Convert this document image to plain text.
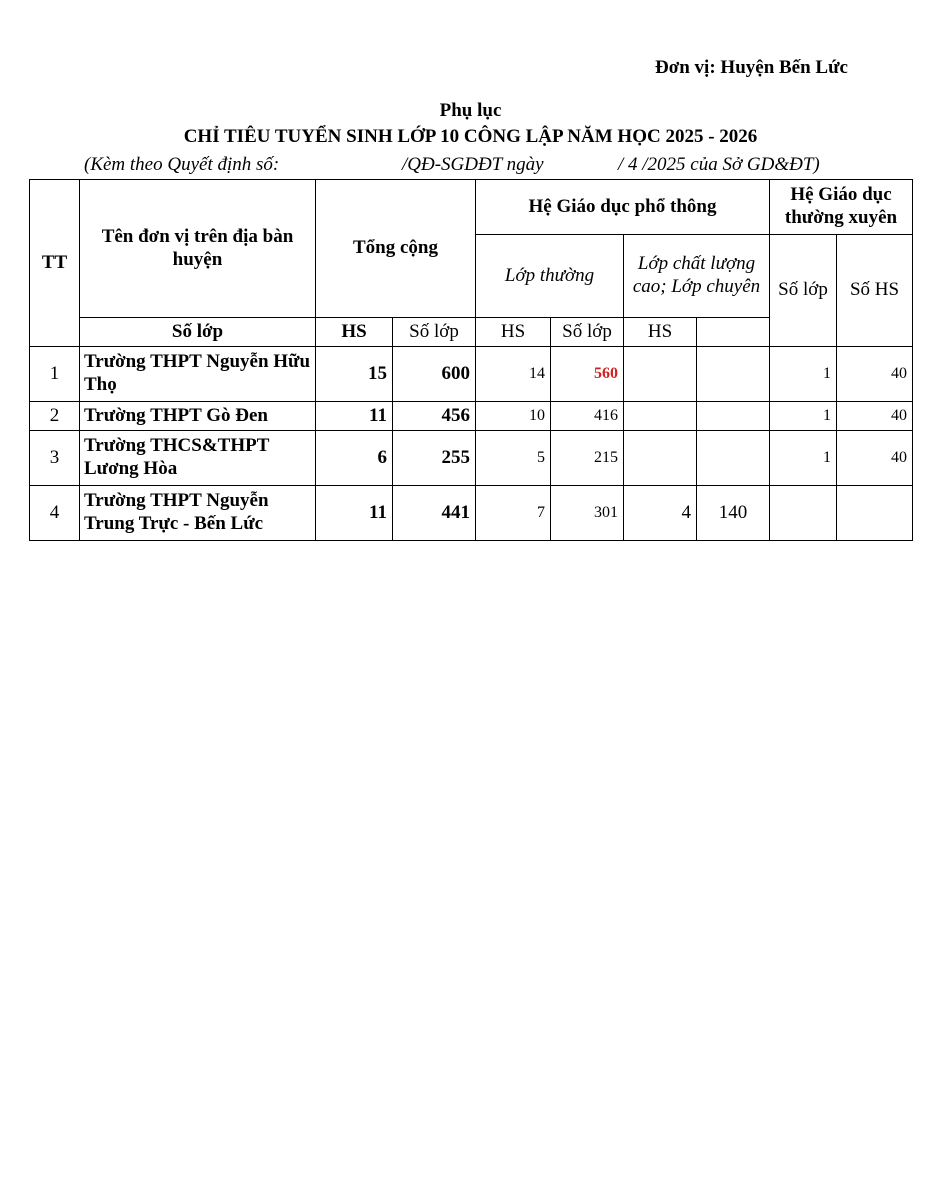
Đơn vị: Huyện Bến Lức
Phụ lục
CHỈ TIÊU TUYỂN SINH LỚP 10 CÔNG LẬP NĂM HỌC 2025 - 2026
(Kèm theo Quyết định số:	/QĐ-SGDĐT ngày	/ 4 /2025 của Sở GD&ĐT)
TT	Tên đơn vị trên địa bàn huyện	Tổng cộng		Hệ Giáo dục phổ thông				Hệ Giáo dục thường xuyên	
				Lớp thường		Lớp chất lượng cao; Lớp chuyên		Số lớp	Số HS
	Số lớp	HS	Số lớp	HS	Số lớp	HS			
1	Trường THPT Nguyễn Hữu Thọ	15	600	14	560			1	40
2	Trường THPT Gò Đen	11	456	10	416			1	40
3	Trường THCS&THPT Lương Hòa	6	255	5	215			1	40
4	Trường THPT Nguyễn Trung Trực - Bến Lức	11	441	7	301	4	140		
